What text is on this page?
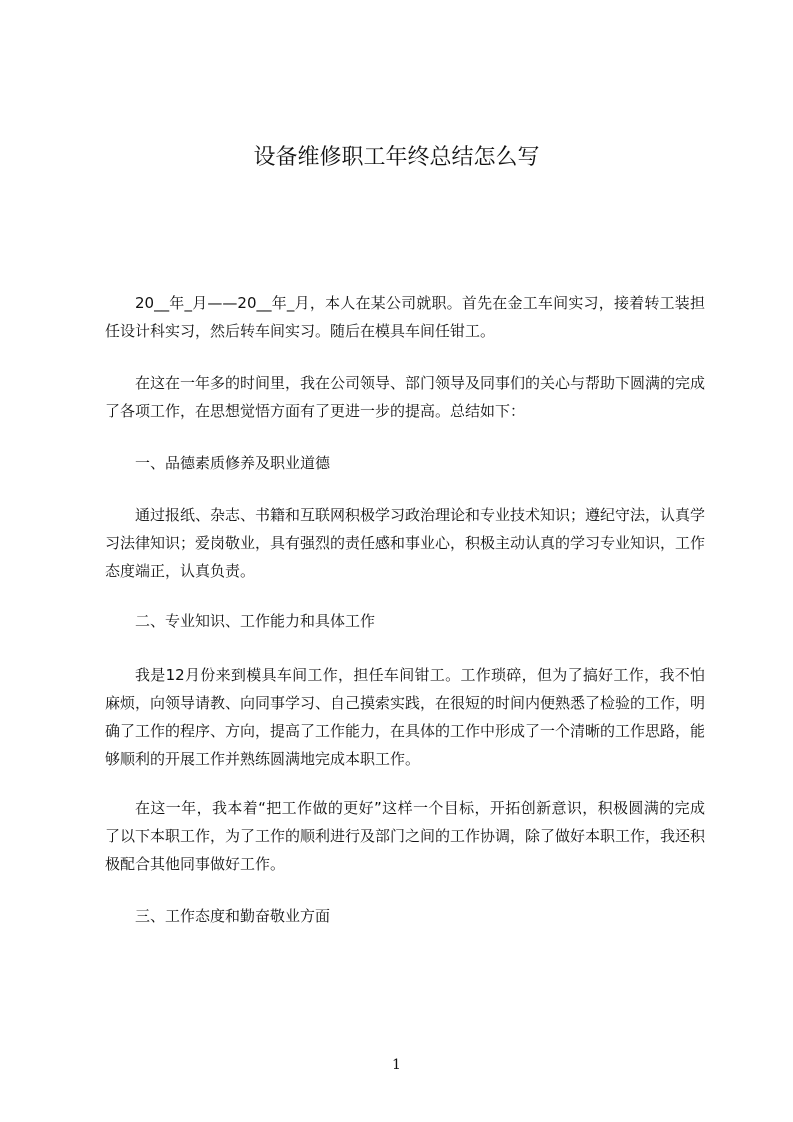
设备维修职工年终总结怎么写
20__年_月——20__年_月，本人在某公司就职。首先在金工车间实习，接着转工装担任设计科实习，然后转车间实习。随后在模具车间任钳工。
在这在一年多的时间里，我在公司领导、部门领导及同事们的关心与帮助下圆满的完成了各项工作，在思想觉悟方面有了更进一步的提高。总结如下：
一、品德素质修养及职业道德
通过报纸、杂志、书籍和互联网积极学习政治理论和专业技术知识；遵纪守法，认真学习法律知识；爱岗敬业，具有强烈的责任感和事业心，积极主动认真的学习专业知识，工作态度端正，认真负责。
二、专业知识、工作能力和具体工作
我是12月份来到模具车间工作，担任车间钳工。工作琐碎，但为了搞好工作，我不怕麻烦，向领导请教、向同事学习、自己摸索实践，在很短的时间内便熟悉了检验的工作，明确了工作的程序、方向，提高了工作能力，在具体的工作中形成了一个清晰的工作思路，能够顺利的开展工作并熟练圆满地完成本职工作。
在这一年，我本着“把工作做的更好”这样一个目标，开拓创新意识，积极圆满的完成了以下本职工作，为了工作的顺利进行及部门之间的工作协调，除了做好本职工作，我还积极配合其他同事做好工作。
三、工作态度和勤奋敬业方面
1
